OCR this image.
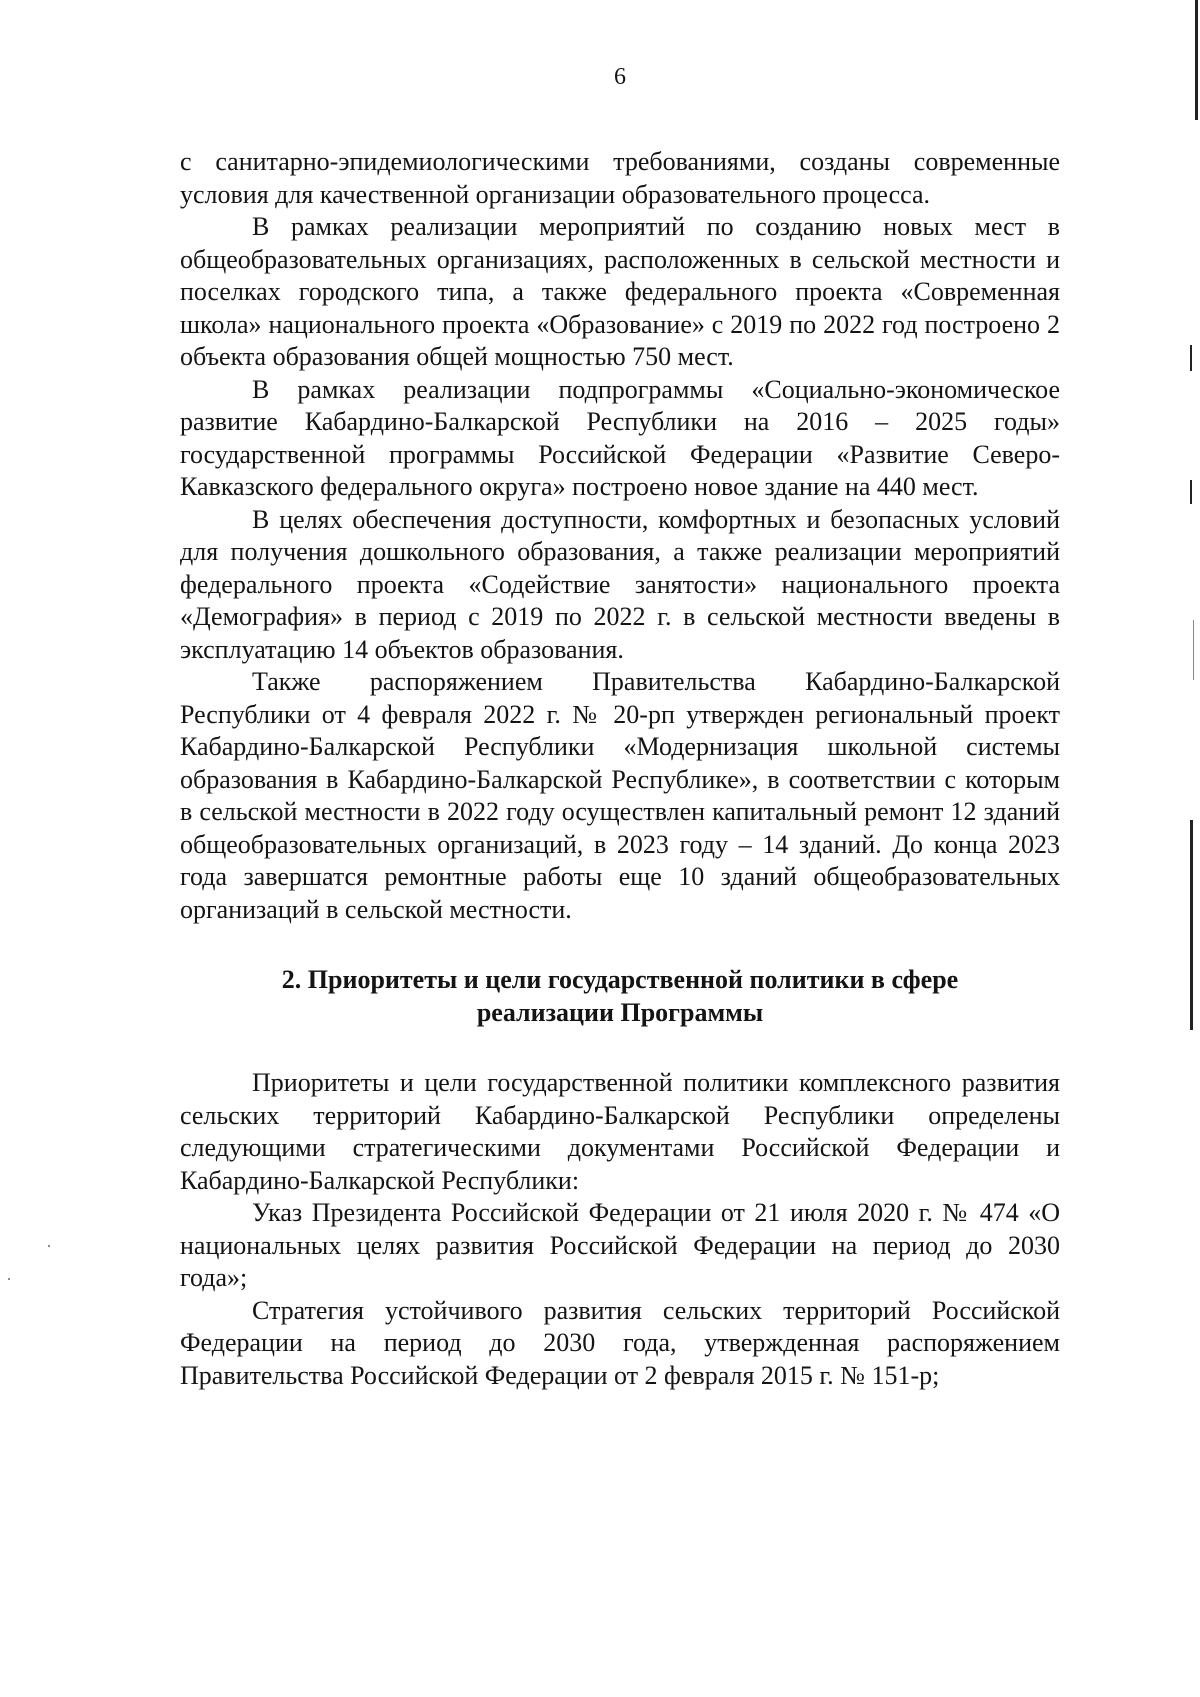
6

с санитарно-эпидемиологическими требованиями, созданы современные условия для качественной организации образовательного процесса.

В рамках реализации мероприятий по созданию новых мест в общеобразовательных организациях, расположенных в сельской местности и поселках городского типа, а также федерального проекта «Современная школа» национального проекта «Образование» с 2019 по 2022 год построено 2 объекта образования общей мощностью 750 мест.

В рамках реализации подпрограммы «Социально-экономическое развитие Кабардино-Балкарской Республики на 2016 – 2025 годы» государственной программы Российской Федерации «Развитие Северо-Кавказского федерального округа» построено новое здание на 440 мест.

В целях обеспечения доступности, комфортных и безопасных условий для получения дошкольного образования, а также реализации мероприятий федерального проекта «Содействие занятости» национального проекта «Демография» в период с 2019 по 2022 г. в сельской местности введены в эксплуатацию 14 объектов образования.

Также распоряжением Правительства Кабардино-Балкарской Республики от 4 февраля 2022 г. № 20-рп утвержден региональный проект Кабардино-Балкарской Республики «Модернизация школьной системы образования в Кабардино-Балкарской Республике», в соответствии с которым в сельской местности в 2022 году осуществлен капитальный ремонт 12 зданий общеобразовательных организаций, в 2023 году – 14 зданий. До конца 2023 года завершатся ремонтные работы еще 10 зданий общеобразовательных организаций в сельской местности.

2. Приоритеты и цели государственной политики в сфере
реализации Программы

Приоритеты и цели государственной политики комплексного развития сельских территорий Кабардино-Балкарской Республики определены следующими стратегическими документами Российской Федерации и Кабардино-Балкарской Республики:

Указ Президента Российской Федерации от 21 июля 2020 г. № 474 «О национальных целях развития Российской Федерации на период до 2030 года»;

Стратегия устойчивого развития сельских территорий Российской Федерации на период до 2030 года, утвержденная распоряжением Правительства Российской Федерации от 2 февраля 2015 г. № 151-р;
